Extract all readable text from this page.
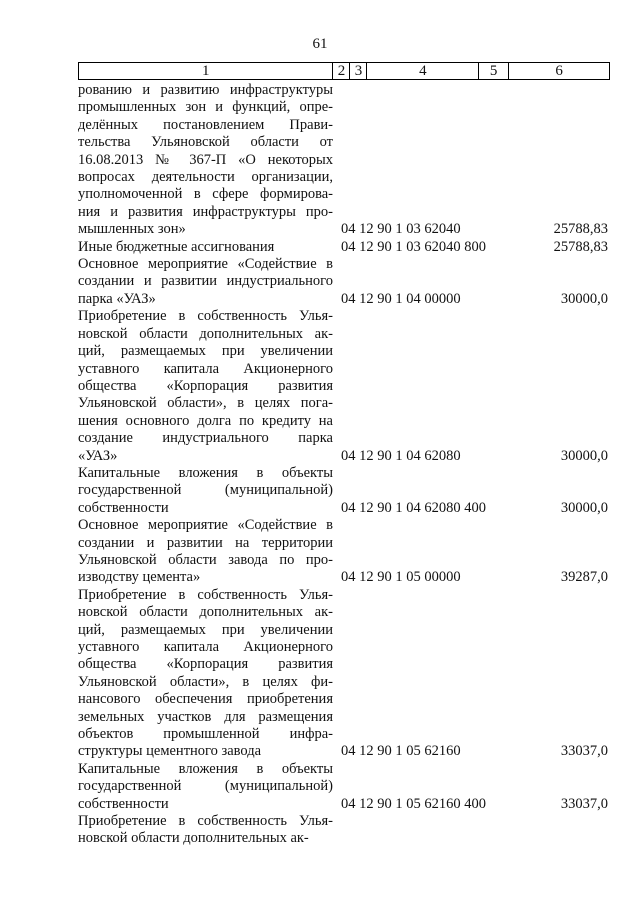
61
1	2	3	4	5	6
рованию и развитию инфраструктуры
промышленных зон и функций, опре-
делённых постановлением Прави-
тельства Ульяновской области от
16.08.2013 № 367-П «О некоторых
вопросах деятельности организации,
уполномоченной в сфере формирова-
ния и развития инфраструктуры про-
мышленных зон»	04 12 90 1 03 62040	25788,83
Иные бюджетные ассигнования	04 12 90 1 03 62040 800	25788,83
Основное мероприятие «Содействие в
создании и развитии индустриального
парка «УАЗ»	04 12 90 1 04 00000	30000,0
Приобретение в собственность Улья-
новской области дополнительных ак-
ций, размещаемых при увеличении
уставного капитала Акционерного
общества «Корпорация развития
Ульяновской области», в целях пога-
шения основного долга по кредиту на
создание индустриального парка
«УАЗ»	04 12 90 1 04 62080	30000,0
Капитальные вложения в объекты
государственной (муниципальной)
собственности	04 12 90 1 04 62080 400	30000,0
Основное мероприятие «Содействие в
создании и развитии на территории
Ульяновской области завода по про-
изводству цемента»	04 12 90 1 05 00000	39287,0
Приобретение в собственность Улья-
новской области дополнительных ак-
ций, размещаемых при увеличении
уставного капитала Акционерного
общества «Корпорация развития
Ульяновской области», в целях фи-
нансового обеспечения приобретения
земельных участков для размещения
объектов промышленной инфра-
структуры цементного завода	04 12 90 1 05 62160	33037,0
Капитальные вложения в объекты
государственной (муниципальной)
собственности	04 12 90 1 05 62160 400	33037,0
Приобретение в собственность Улья-
новской области дополнительных ак-
